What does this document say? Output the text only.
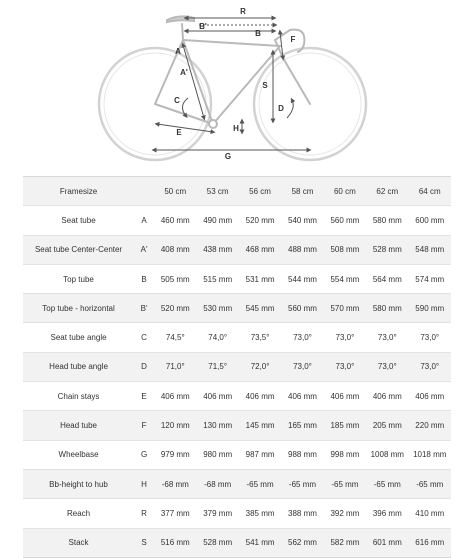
R
B'
B
A
A'
F
S
C
D
E	H
G
Framesize		50 cm	53 cm	56 cm	58 cm	60 cm	62 cm	64 cm
Seat tube	A	460 mm	490 mm	520 mm	540 mm	560 mm	580 mm	600 mm
Seat tube Center-Center	A'	408 mm	438 mm	468 mm	488 mm	508 mm	528 mm	548 mm
Top tube	B	505 mm	515 mm	531 mm	544 mm	554 mm	564 mm	574 mm
Top tube - horizontal	B'	520 mm	530 mm	545 mm	560 mm	570 mm	580 mm	590 mm
Seat tube angle	C	74,5°	74,0°	73,5°	73,0°	73,0°	73,0°	73,0°
Head tube angle	D	71,0°	71,5°	72,0°	73,0°	73,0°	73,0°	73,0°
Chain stays	E	406 mm	406 mm	406 mm	406 mm	406 mm	406 mm	406 mm
Head tube	F	120 mm	130 mm	145 mm	165 mm	185 mm	205 mm	220 mm
Wheelbase	G	979 mm	980 mm	987 mm	988 mm	998 mm	1008 mm	1018 mm
Bb-height to hub	H	-68 mm	-68 mm	-65 mm	-65 mm	-65 mm	-65 mm	-65 mm
Reach	R	377 mm	379 mm	385 mm	388 mm	392 mm	396 mm	410 mm
Stack	S	516 mm	528 mm	541 mm	562 mm	582 mm	601 mm	616 mm
